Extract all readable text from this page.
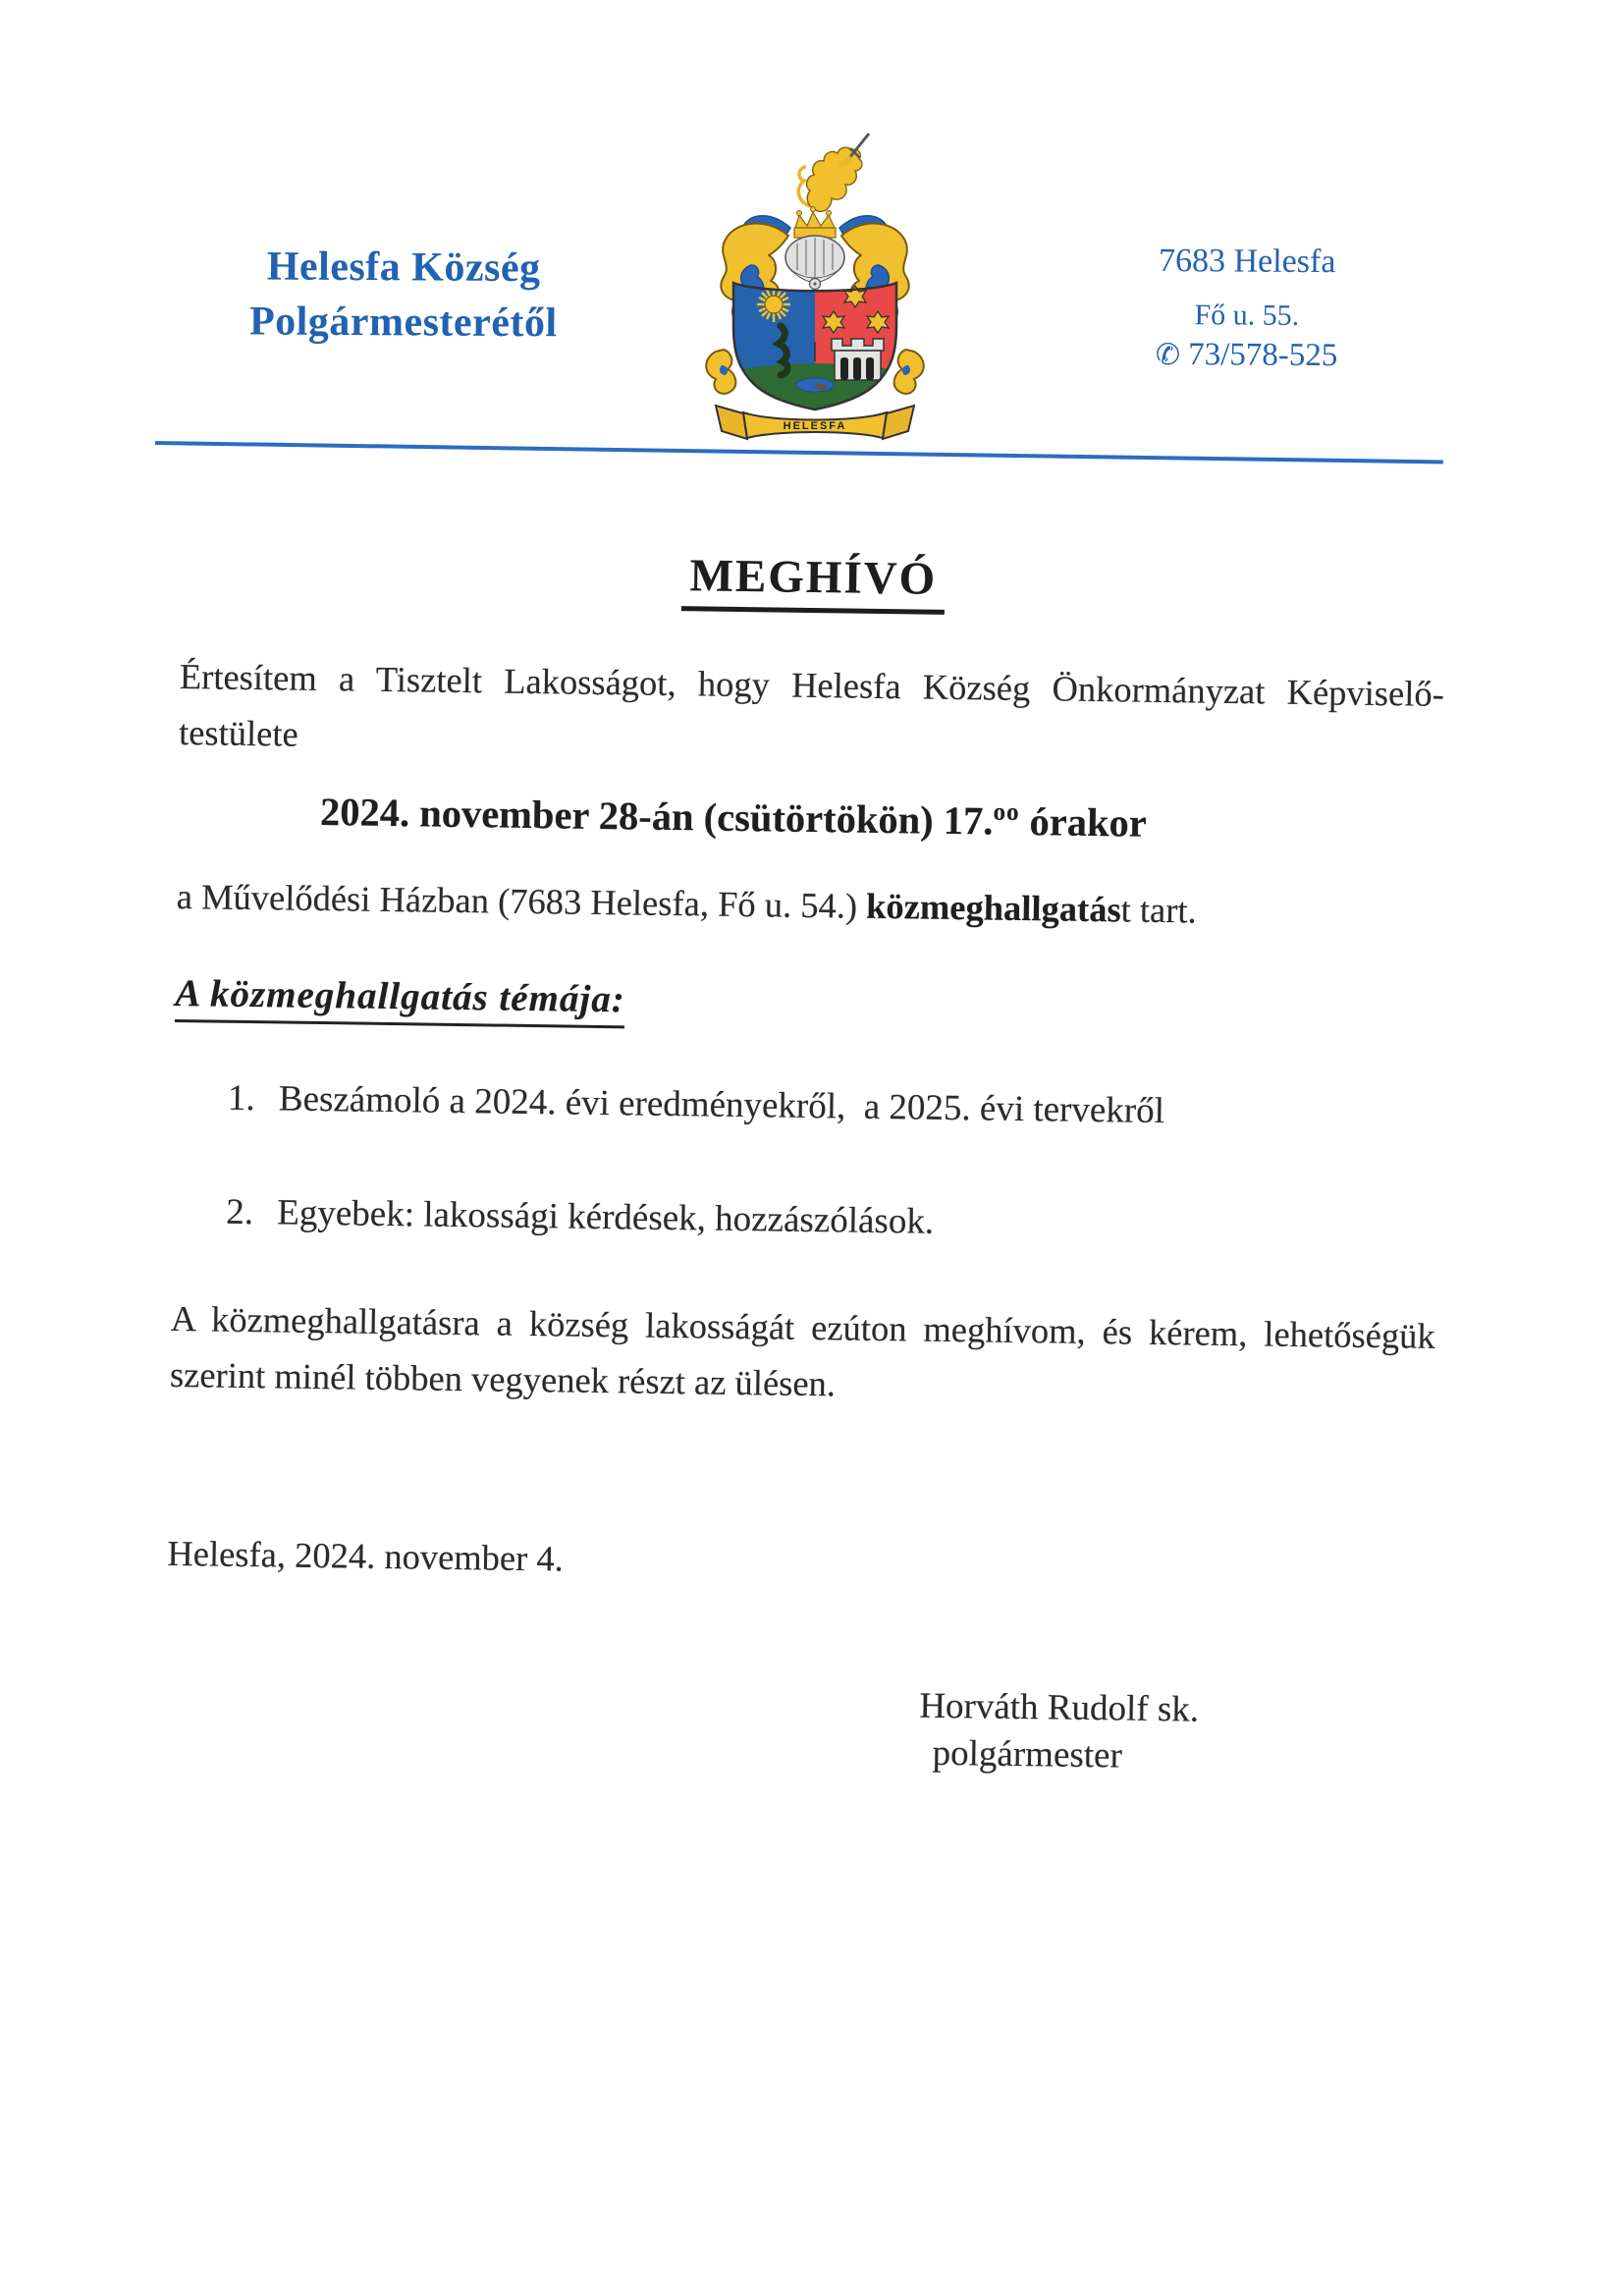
Helesfa Község
Polgármesterétől
7683 Helesfa
Fő u. 55.
✆ 73/578-525
HELESFA
MEGHÍVÓ

Értesítem a Tisztelt Lakosságot, hogy Helesfa Község Önkormányzat Képviselő-testülete

2024. november 28-án (csütörtökön) 17.$^{oo}$ órakor

a Művelődési Házban (7683 Helesfa, Fő u. 54.) közmeghallgatást tart.

A közmeghallgatás témája:
1. Beszámoló a 2024. évi eredményekről,  a 2025. évi tervekről
2. Egyebek: lakossági kérdések, hozzászólások.

A közmeghallgatásra a község lakosságát ezúton meghívom, és kérem, lehetőségük szerint minél többen vegyenek részt az ülésen.

Helesfa, 2024. november 4.

Horváth Rudolf sk.
polgármester
